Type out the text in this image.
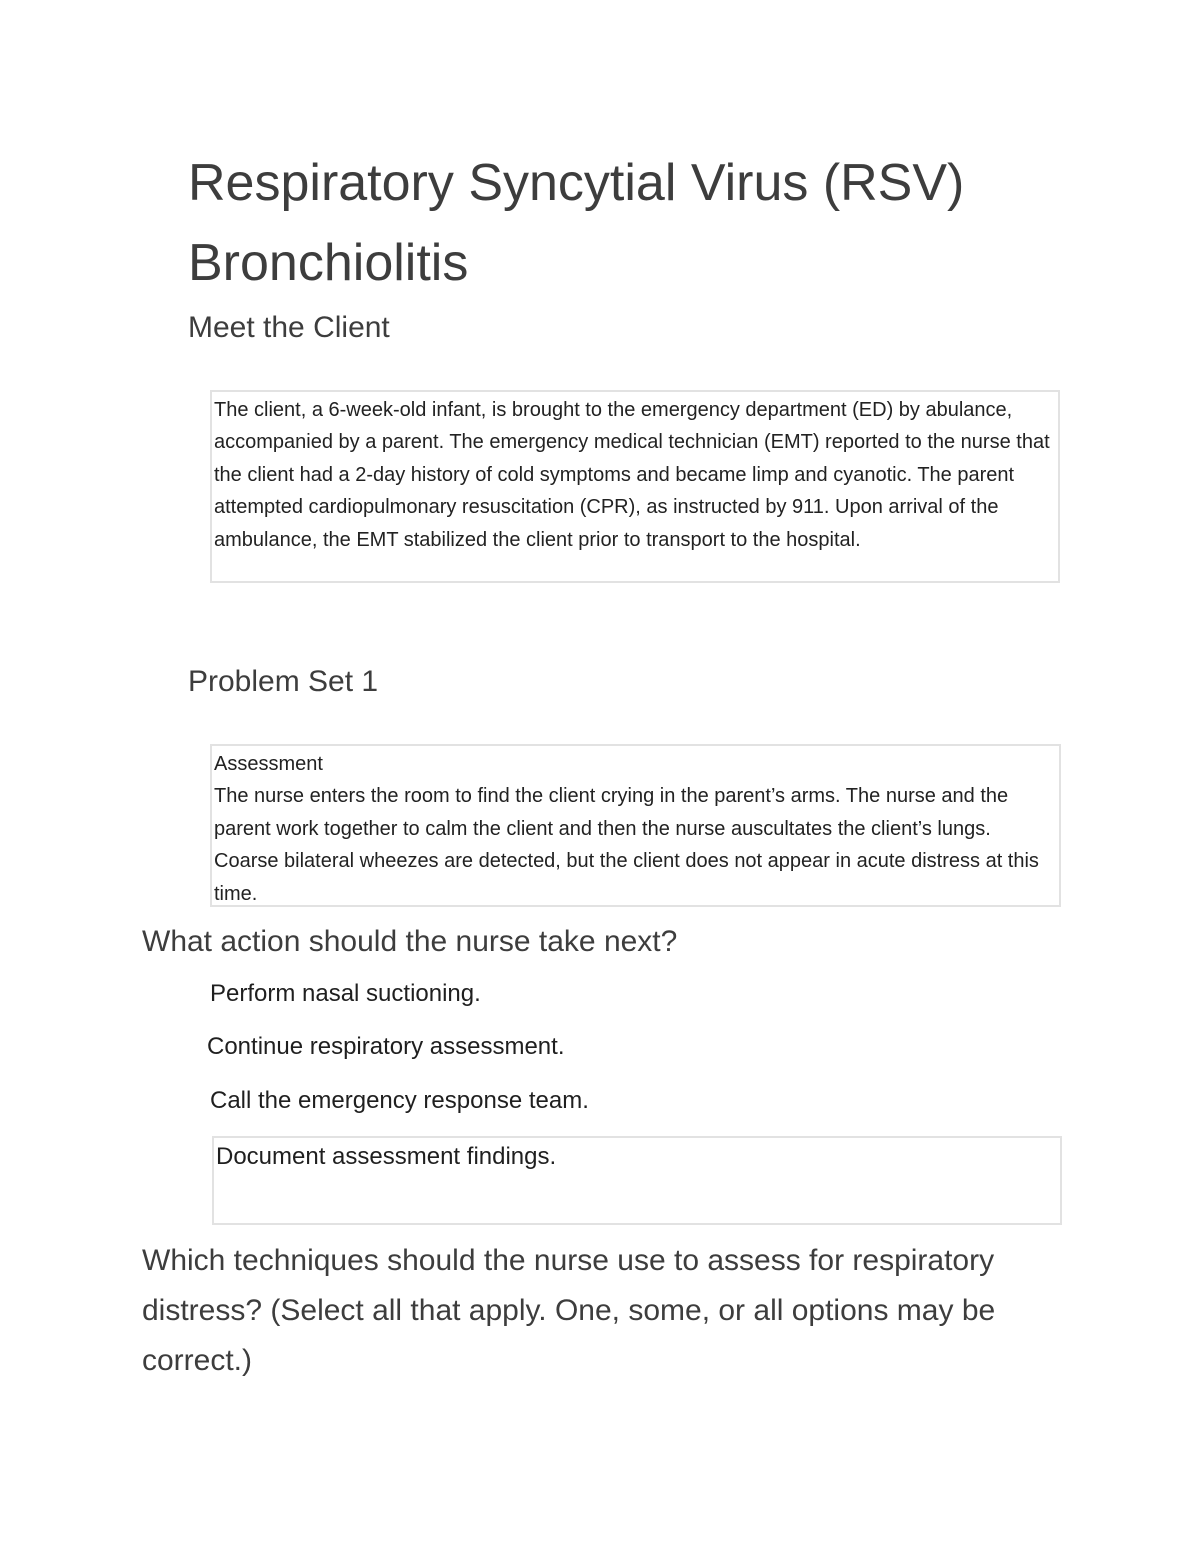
Respiratory Syncytial Virus (RSV)
Bronchiolitis
Meet the Client
The client, a 6-week-old infant, is brought to the emergency department (ED) by abulance, accompanied by a parent. The emergency medical technician (EMT) reported to the nurse that the client had a 2-day history of cold symptoms and became limp and cyanotic. The parent attempted cardiopulmonary resuscitation (CPR), as instructed by 911. Upon arrival of the ambulance, the EMT stabilized the client prior to transport to the hospital.
Problem Set 1
Assessment
The nurse enters the room to find the client crying in the parent’s arms. The nurse and the parent work together to calm the client and then the nurse auscultates the client’s lungs. Coarse bilateral wheezes are detected, but the client does not appear in acute distress at this time.
What action should the nurse take next?
Perform nasal suctioning.
Continue respiratory assessment.
Call the emergency response team.
Document assessment findings.
Which techniques should the nurse use to assess for respiratory distress? (Select all that apply. One, some, or all options may be correct.)
